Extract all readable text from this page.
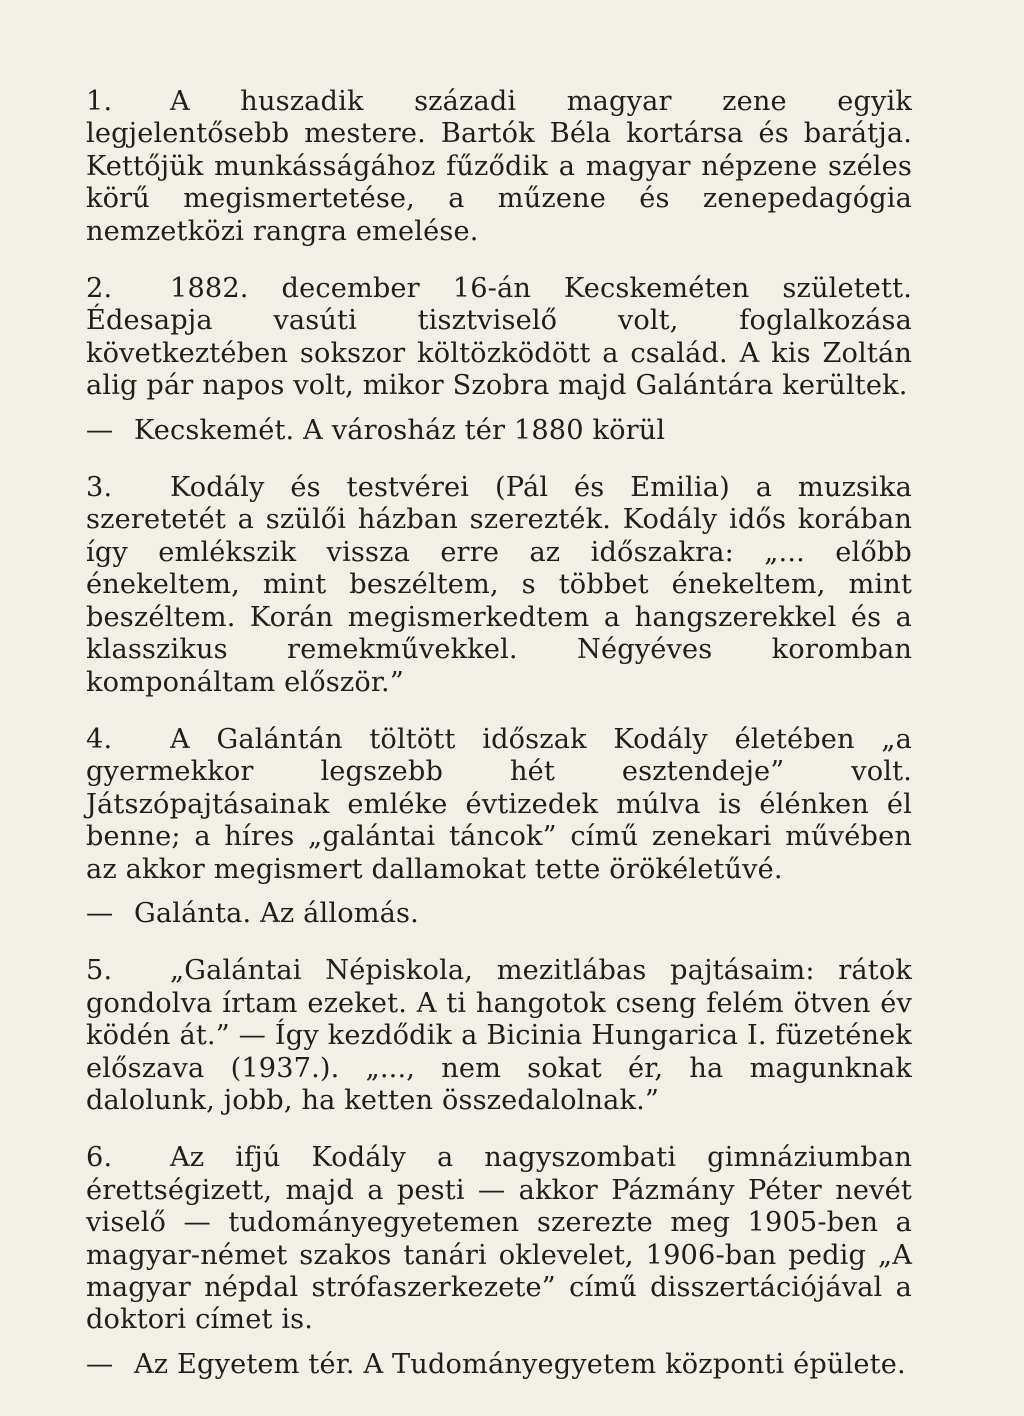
1. A huszadik századi magyar zene egyik legjelentősebb mestere. Bartók Béla kortársa és barátja. Kettőjük munkásságához fűződik a magyar népzene széles körű megismertetése, a műzene és zenepedagógia nemzetközi rangra emelése.

2. 1882. december 16-án Kecskeméten született. Édesapja vasúti tisztviselő volt, foglalkozása következtében sokszor költözködött a család. A kis Zoltán alig pár napos volt, mikor Szobra majd Galántára kerültek.

— Kecskemét. A városház tér 1880 körül

3. Kodály és testvérei (Pál és Emilia) a muzsika szeretetét a szülői házban szerezték. Kodály idős korában így emlékszik vissza erre az időszakra: „... előbb énekeltem, mint beszéltem, s többet énekeltem, mint beszéltem. Korán megismerkedtem a hangszerekkel és a klasszikus remekművekkel. Négyéves koromban komponáltam először.”

4. A Galántán töltött időszak Kodály életében „a gyermekkor legszebb hét esztendeje” volt. Játszópajtásainak emléke évtizedek múlva is élénken él benne; a híres „galántai táncok” című zenekari művében az akkor megismert dallamokat tette örökéletűvé.

— Galánta. Az állomás.

5. „Galántai Népiskola, mezitlábas pajtásaim: rátok gondolva írtam ezeket. A ti hangotok cseng felém ötven év ködén át.” — Így kezdődik a Bicinia Hungarica I. füzetének előszava (1937.). „..., nem sokat ér, ha magunknak dalolunk, jobb, ha ketten összedalolnak.”

6. Az ifjú Kodály a nagyszombati gimnáziumban érettségizett, majd a pesti — akkor Pázmány Péter nevét viselő — tudományegyetemen szerezte meg 1905-ben a magyar-német szakos tanári oklevelet, 1906-ban pedig „A magyar népdal strófaszerkezete” című disszertációjával a doktori címet is.

— Az Egyetem tér. A Tudományegyetem központi épülete.
